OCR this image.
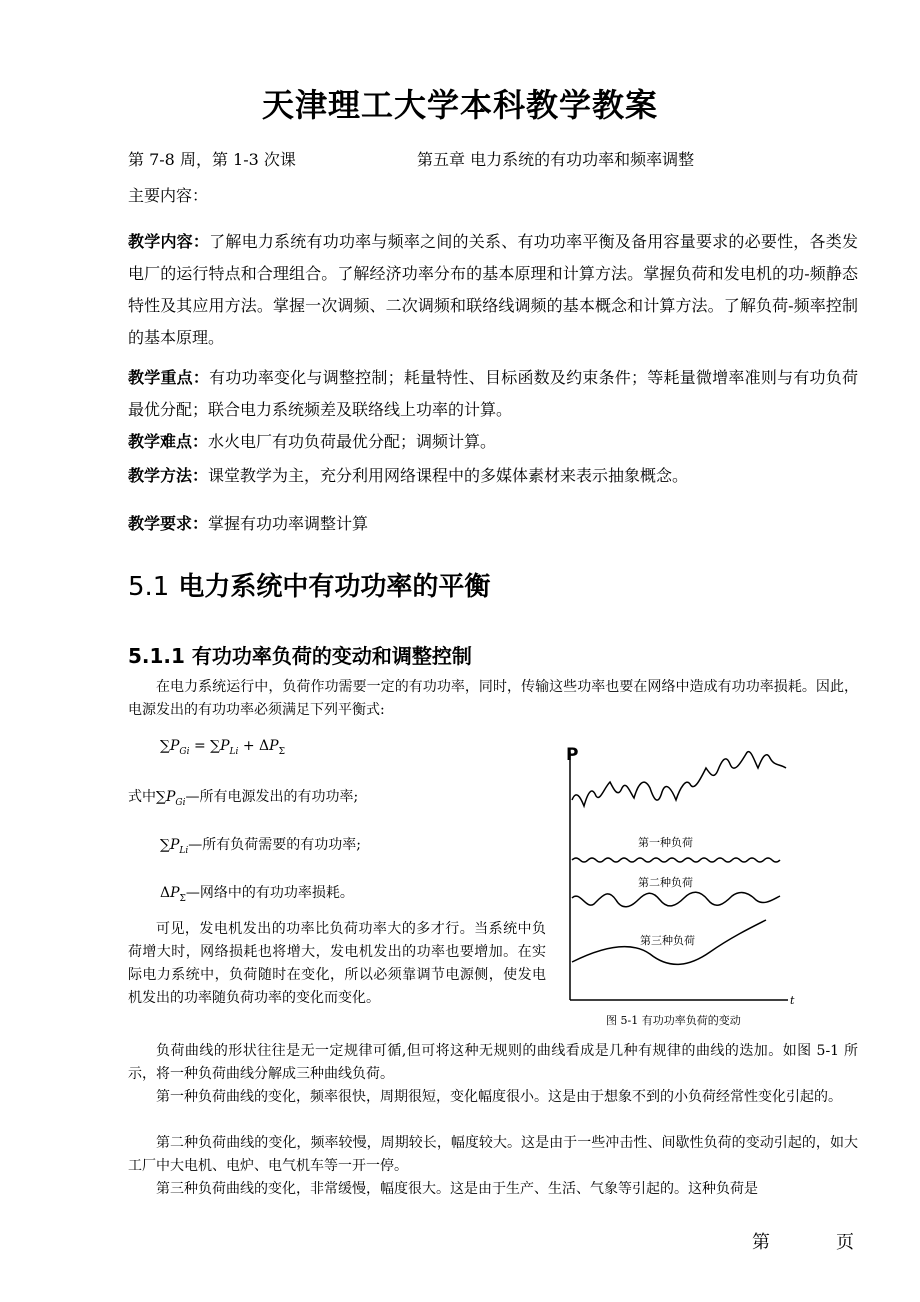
天津理工大学本科教学教案
第 7-8 周，第 1-3 次课	第五章 电力系统的有功功率和频率调整
主要内容：

教学内容：了解电力系统有功功率与频率之间的关系、有功功率平衡及备用容量要求的必要性，各类发电厂的运行特点和合理组合。了解经济功率分布的基本原理和计算方法。掌握负荷和发电机的功-频静态特性及其应用方法。掌握一次调频、二次调频和联络线调频的基本概念和计算方法。了解负荷-频率控制的基本原理。

教学重点：有功功率变化与调整控制；耗量特性、目标函数及约束条件；等耗量微增率准则与有功负荷最优分配；联合电力系统频差及联络线上功率的计算。

教学难点：水火电厂有功负荷最优分配；调频计算。

教学方法：课堂教学为主，充分利用网络课程中的多媒体素材来表示抽象概念。

教学要求：掌握有功功率调整计算

5.1 电力系统中有功功率的平衡
5.1.1 有功功率负荷的变动和调整控制

在电力系统运行中，负荷作功需要一定的有功功率，同时，传输这些功率也要在网络中造成有功功率损耗。因此，电源发出的有功功率必须满足下列平衡式:

$\sum P_{Gi} = \sum P_{Li} + \Delta P_\Sigma$
式中$\sum P_{Gi}—$所有电源发出的有功功率;
$\sum P_{Li}—$所有负荷需要的有功功率;
$\Delta P_\Sigma—$网络中的有功功率损耗。

可见，发电机发出的功率比负荷功率大的多才行。当系统中负荷增大时，网络损耗也将增大，发电机发出的功率也要增加。在实际电力系统中，负荷随时在变化，所以必须靠调节电源侧，使发电机发出的功率随负荷功率的变化而变化。

P
t
第一种负荷
第二种负荷
第三种负荷
图 5-1 有功功率负荷的变动

负荷曲线的形状往往是无一定规律可循,但可将这种无规则的曲线看成是几种有规律的曲线的迭加。如图 5-1 所示，将一种负荷曲线分解成三种曲线负荷。

第一种负荷曲线的变化，频率很快，周期很短，变化幅度很小。这是由于想象不到的小负荷经常性变化引起的。

第二种负荷曲线的变化，频率较慢，周期较长，幅度较大。这是由于一些冲击性、间歇性负荷的变动引起的，如大工厂中大电机、电炉、电气机车等一开一停。

第三种负荷曲线的变化，非常缓慢，幅度很大。这是由于生产、生活、气象等引起的。这种负荷是

第	页
